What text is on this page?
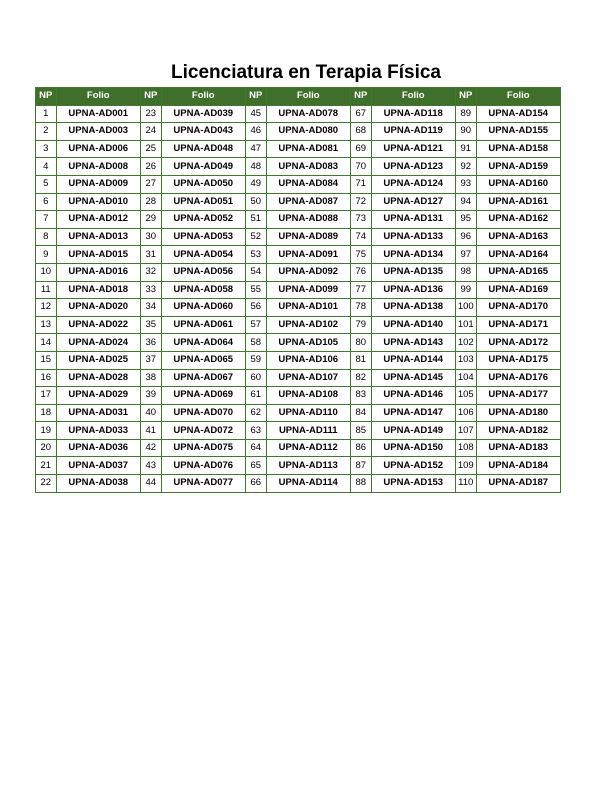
Licenciatura en Terapia Física
NP	Folio	NP	Folio	NP	Folio	NP	Folio	NP	Folio
1	UPNA-AD001	23	UPNA-AD039	45	UPNA-AD078	67	UPNA-AD118	89	UPNA-AD154
2	UPNA-AD003	24	UPNA-AD043	46	UPNA-AD080	68	UPNA-AD119	90	UPNA-AD155
3	UPNA-AD006	25	UPNA-AD048	47	UPNA-AD081	69	UPNA-AD121	91	UPNA-AD158
4	UPNA-AD008	26	UPNA-AD049	48	UPNA-AD083	70	UPNA-AD123	92	UPNA-AD159
5	UPNA-AD009	27	UPNA-AD050	49	UPNA-AD084	71	UPNA-AD124	93	UPNA-AD160
6	UPNA-AD010	28	UPNA-AD051	50	UPNA-AD087	72	UPNA-AD127	94	UPNA-AD161
7	UPNA-AD012	29	UPNA-AD052	51	UPNA-AD088	73	UPNA-AD131	95	UPNA-AD162
8	UPNA-AD013	30	UPNA-AD053	52	UPNA-AD089	74	UPNA-AD133	96	UPNA-AD163
9	UPNA-AD015	31	UPNA-AD054	53	UPNA-AD091	75	UPNA-AD134	97	UPNA-AD164
10	UPNA-AD016	32	UPNA-AD056	54	UPNA-AD092	76	UPNA-AD135	98	UPNA-AD165
11	UPNA-AD018	33	UPNA-AD058	55	UPNA-AD099	77	UPNA-AD136	99	UPNA-AD169
12	UPNA-AD020	34	UPNA-AD060	56	UPNA-AD101	78	UPNA-AD138	100	UPNA-AD170
13	UPNA-AD022	35	UPNA-AD061	57	UPNA-AD102	79	UPNA-AD140	101	UPNA-AD171
14	UPNA-AD024	36	UPNA-AD064	58	UPNA-AD105	80	UPNA-AD143	102	UPNA-AD172
15	UPNA-AD025	37	UPNA-AD065	59	UPNA-AD106	81	UPNA-AD144	103	UPNA-AD175
16	UPNA-AD028	38	UPNA-AD067	60	UPNA-AD107	82	UPNA-AD145	104	UPNA-AD176
17	UPNA-AD029	39	UPNA-AD069	61	UPNA-AD108	83	UPNA-AD146	105	UPNA-AD177
18	UPNA-AD031	40	UPNA-AD070	62	UPNA-AD110	84	UPNA-AD147	106	UPNA-AD180
19	UPNA-AD033	41	UPNA-AD072	63	UPNA-AD111	85	UPNA-AD149	107	UPNA-AD182
20	UPNA-AD036	42	UPNA-AD075	64	UPNA-AD112	86	UPNA-AD150	108	UPNA-AD183
21	UPNA-AD037	43	UPNA-AD076	65	UPNA-AD113	87	UPNA-AD152	109	UPNA-AD184
22	UPNA-AD038	44	UPNA-AD077	66	UPNA-AD114	88	UPNA-AD153	110	UPNA-AD187
